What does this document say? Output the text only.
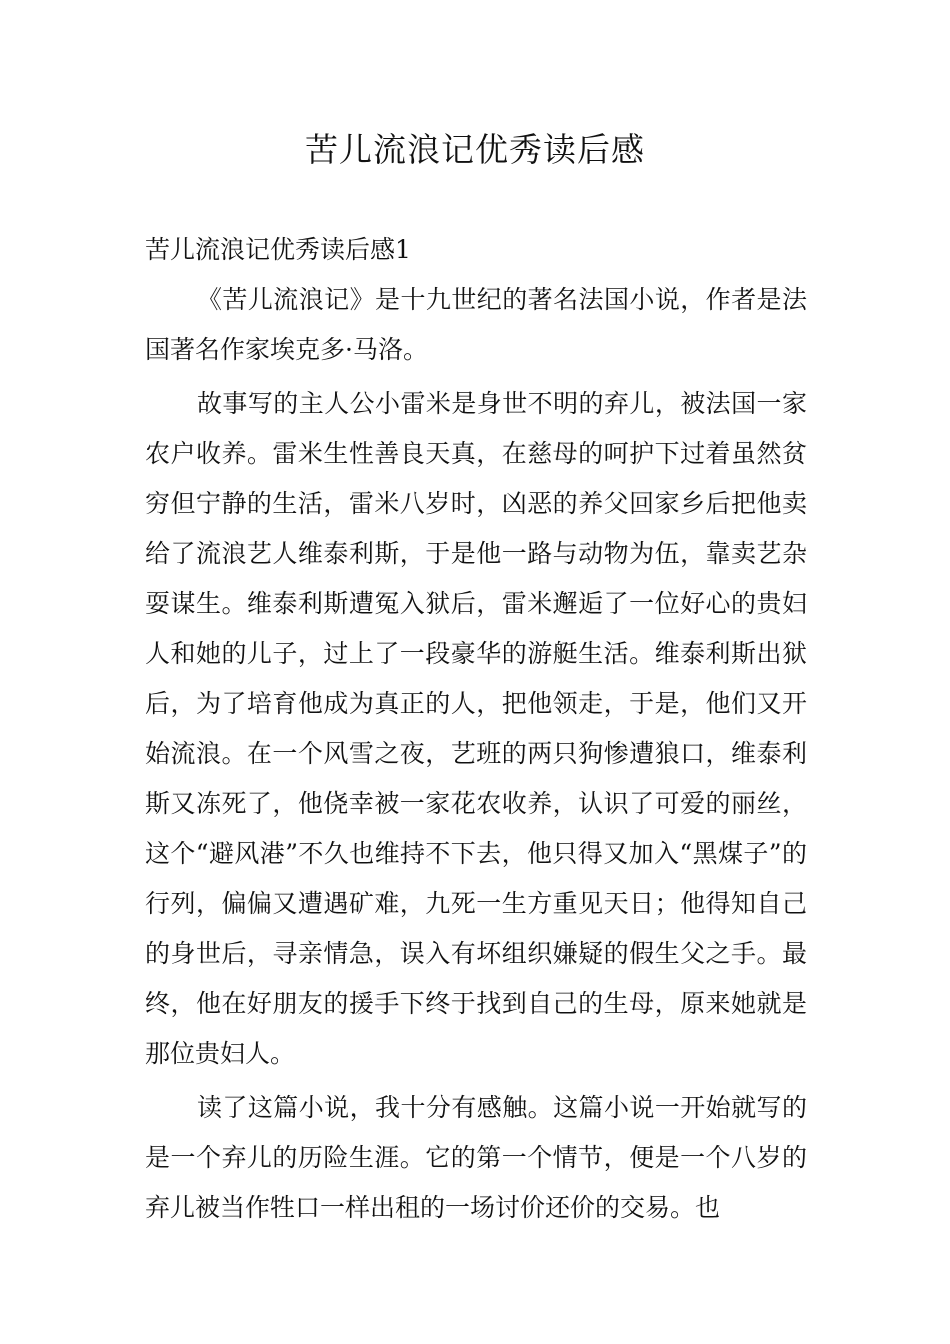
苦儿流浪记优秀读后感
苦儿流浪记优秀读后感1

《苦儿流浪记》是十九世纪的著名法国小说，作者是法国著名作家埃克多·马洛。

故事写的主人公小雷米是身世不明的弃儿，被法国一家农户收养。雷米生性善良天真，在慈母的呵护下过着虽然贫穷但宁静的生活，雷米八岁时，凶恶的养父回家乡后把他卖给了流浪艺人维泰利斯，于是他一路与动物为伍，靠卖艺杂耍谋生。维泰利斯遭冤入狱后，雷米邂逅了一位好心的贵妇人和她的儿子，过上了一段豪华的游艇生活。维泰利斯出狱后，为了培育他成为真正的人，把他领走，于是，他们又开始流浪。在一个风雪之夜，艺班的两只狗惨遭狼口，维泰利斯又冻死了，他侥幸被一家花农收养，认识了可爱的丽丝，这个“避风港”不久也维持不下去，他只得又加入“黑煤子”的行列，偏偏又遭遇矿难，九死一生方重见天日；他得知自己的身世后，寻亲情急，误入有坏组织嫌疑的假生父之手。最终，他在好朋友的援手下终于找到自己的生母，原来她就是那位贵妇人。

读了这篇小说，我十分有感触。这篇小说一开始就写的是一个弃儿的历险生涯。它的第一个情节，便是一个八岁的弃儿被当作牲口一样出租的一场讨价还价的交易。也
